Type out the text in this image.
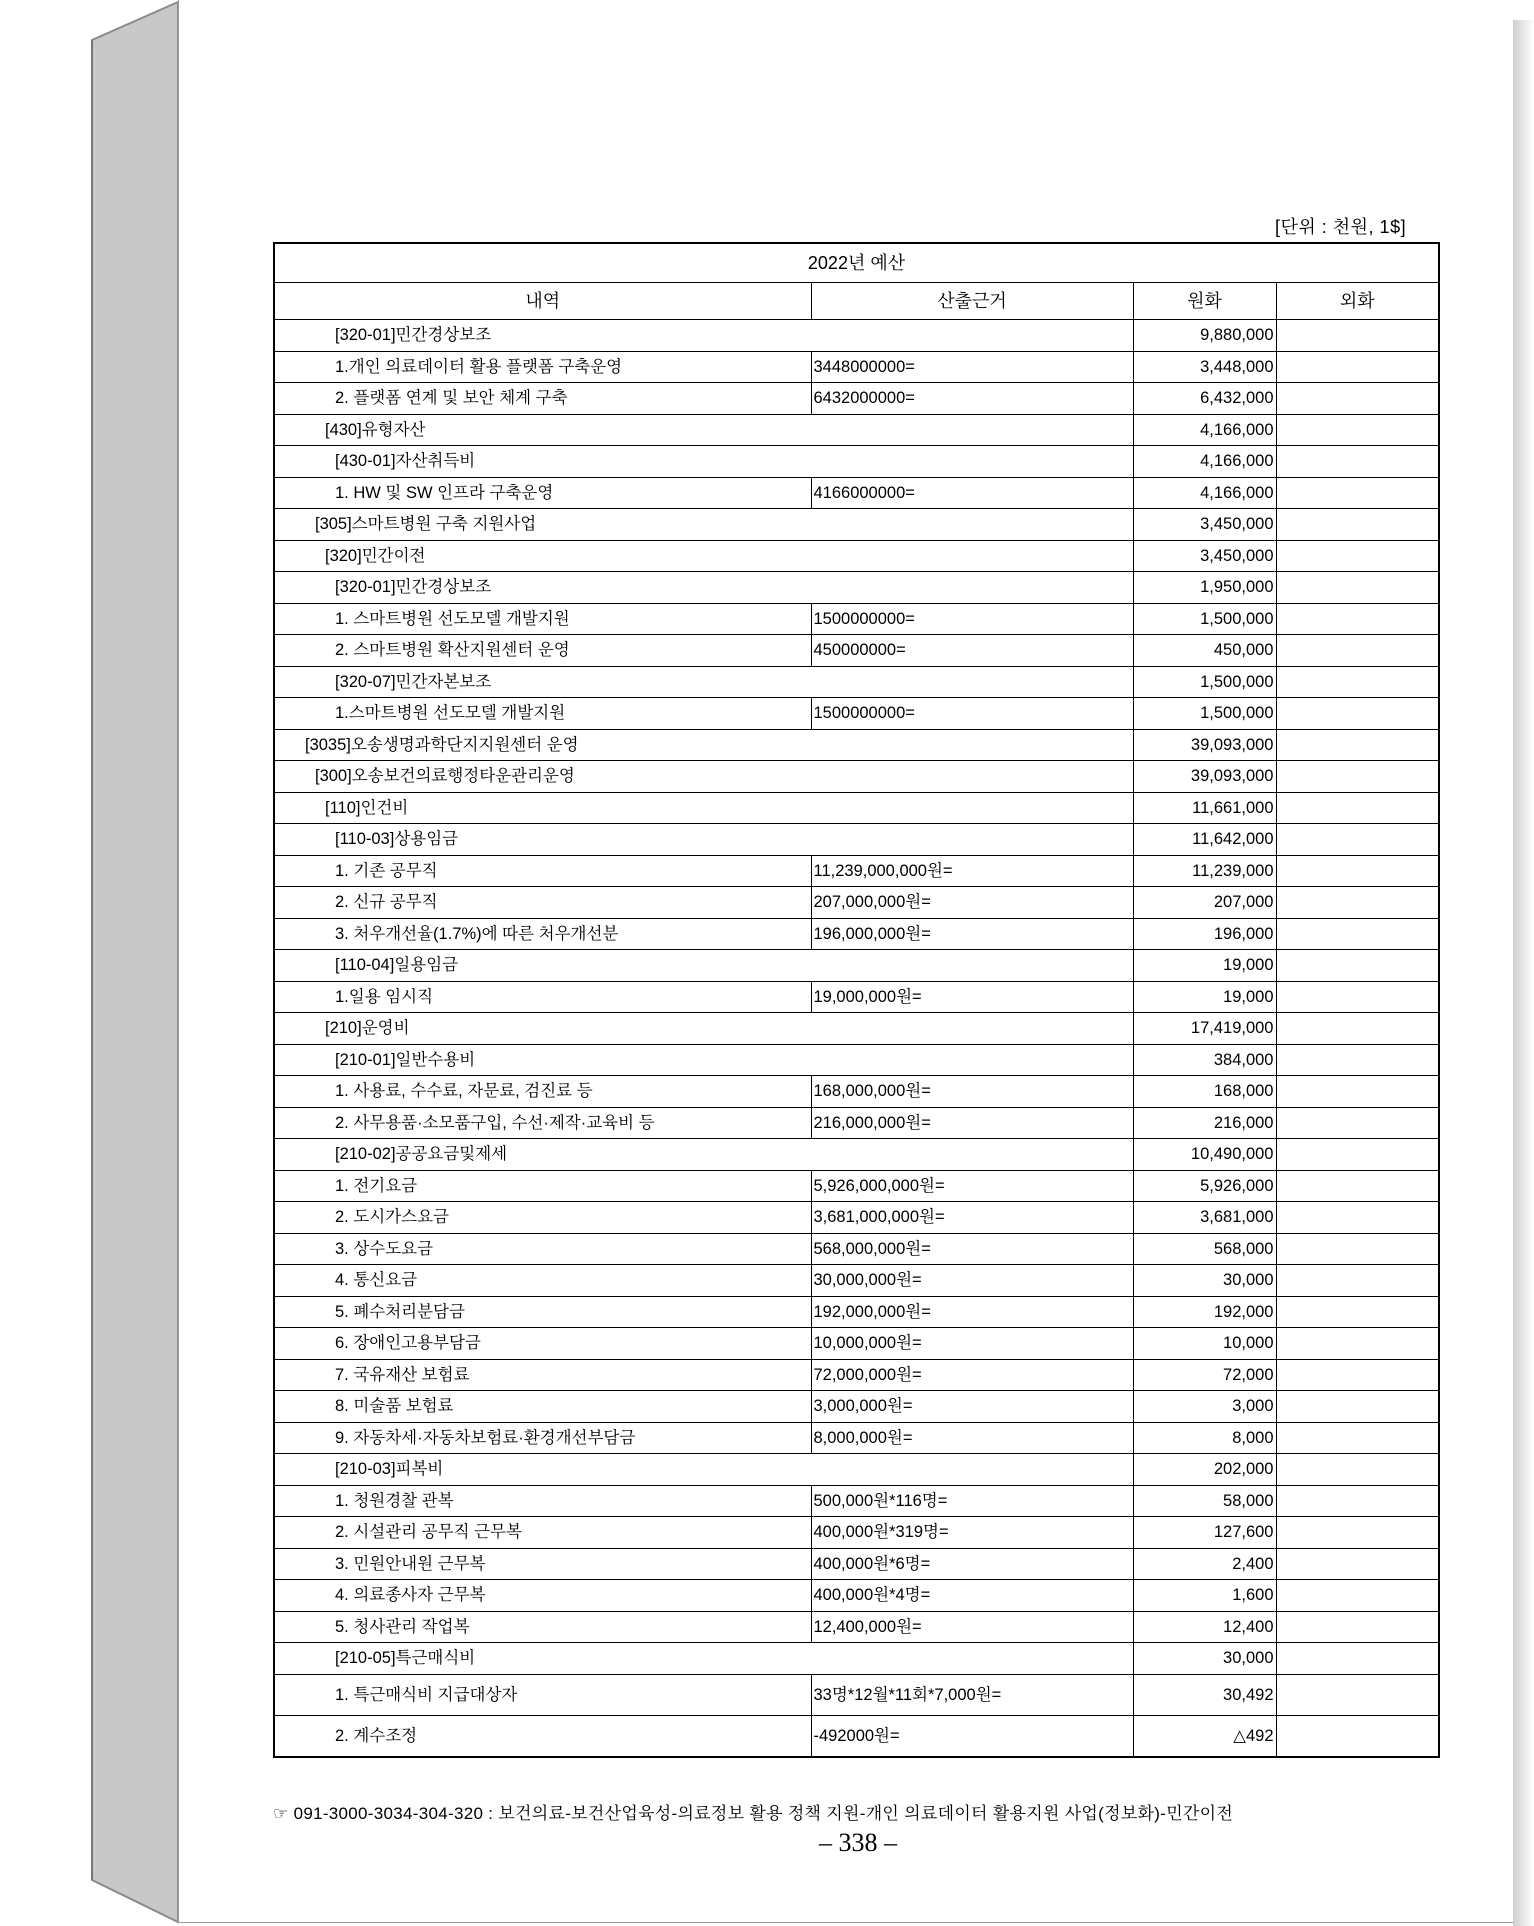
[단위 : 천원, 1$]
2022년 예산			
내역	산출근거	원화	외화
[320-01]민간경상보조		9,880,000	
1.개인 의료데이터 활용 플랫폼 구축운영	3448000000=	3,448,000	
2. 플랫폼 연계 및 보안 체계 구축	6432000000=	6,432,000	
[430]유형자산		4,166,000	
[430-01]자산취득비		4,166,000	
1. HW 및 SW 인프라 구축운영	4166000000=	4,166,000	
[305]스마트병원 구축 지원사업		3,450,000	
[320]민간이전		3,450,000	
[320-01]민간경상보조		1,950,000	
1. 스마트병원 선도모델 개발지원	1500000000=	1,500,000	
2. 스마트병원 확산지원센터 운영	450000000=	450,000	
[320-07]민간자본보조		1,500,000	
1.스마트병원 선도모델 개발지원	1500000000=	1,500,000	
[3035]오송생명과학단지지원센터 운영		39,093,000	
[300]오송보건의료행정타운관리운영		39,093,000	
[110]인건비		11,661,000	
[110-03]상용임금		11,642,000	
1. 기존 공무직	11,239,000,000원=	11,239,000	
2. 신규 공무직	207,000,000원=	207,000	
3. 처우개선율(1.7%)에 따른 처우개선분	196,000,000원=	196,000	
[110-04]일용임금		19,000	
1.일용 임시직	19,000,000원=	19,000	
[210]운영비		17,419,000	
[210-01]일반수용비		384,000	
1. 사용료, 수수료, 자문료, 검진료 등	168,000,000원=	168,000	
2. 사무용품·소모품구입, 수선·제작·교육비 등	216,000,000원=	216,000	
[210-02]공공요금및제세		10,490,000	
1. 전기요금	5,926,000,000원=	5,926,000	
2. 도시가스요금	3,681,000,000원=	3,681,000	
3. 상수도요금	568,000,000원=	568,000	
4. 통신요금	30,000,000원=	30,000	
5. 폐수처리분담금	192,000,000원=	192,000	
6. 장애인고용부담금	10,000,000원=	10,000	
7. 국유재산 보험료	72,000,000원=	72,000	
8. 미술품 보험료	3,000,000원=	3,000	
9. 자동차세·자동차보험료·환경개선부담금	8,000,000원=	8,000	
[210-03]피복비		202,000	
1. 청원경찰 관복	500,000원*116명=	58,000	
2. 시설관리 공무직 근무복	400,000원*319명=	127,600	
3. 민원안내원 근무복	400,000원*6명=	2,400	
4. 의료종사자 근무복	400,000원*4명=	1,600	
5. 청사관리 작업복	12,400,000원=	12,400	
[210-05]특근매식비		30,000	
1. 특근매식비 지급대상자	33명*12월*11회*7,000원=	30,492	
2. 계수조정	-492000원=	△492	
☞ 091-3000-3034-304-320 : 보건의료-보건산업육성-의료정보 활용 정책 지원-개인 의료데이터 활용지원 사업(정보화)-민간이전
– 338 –
